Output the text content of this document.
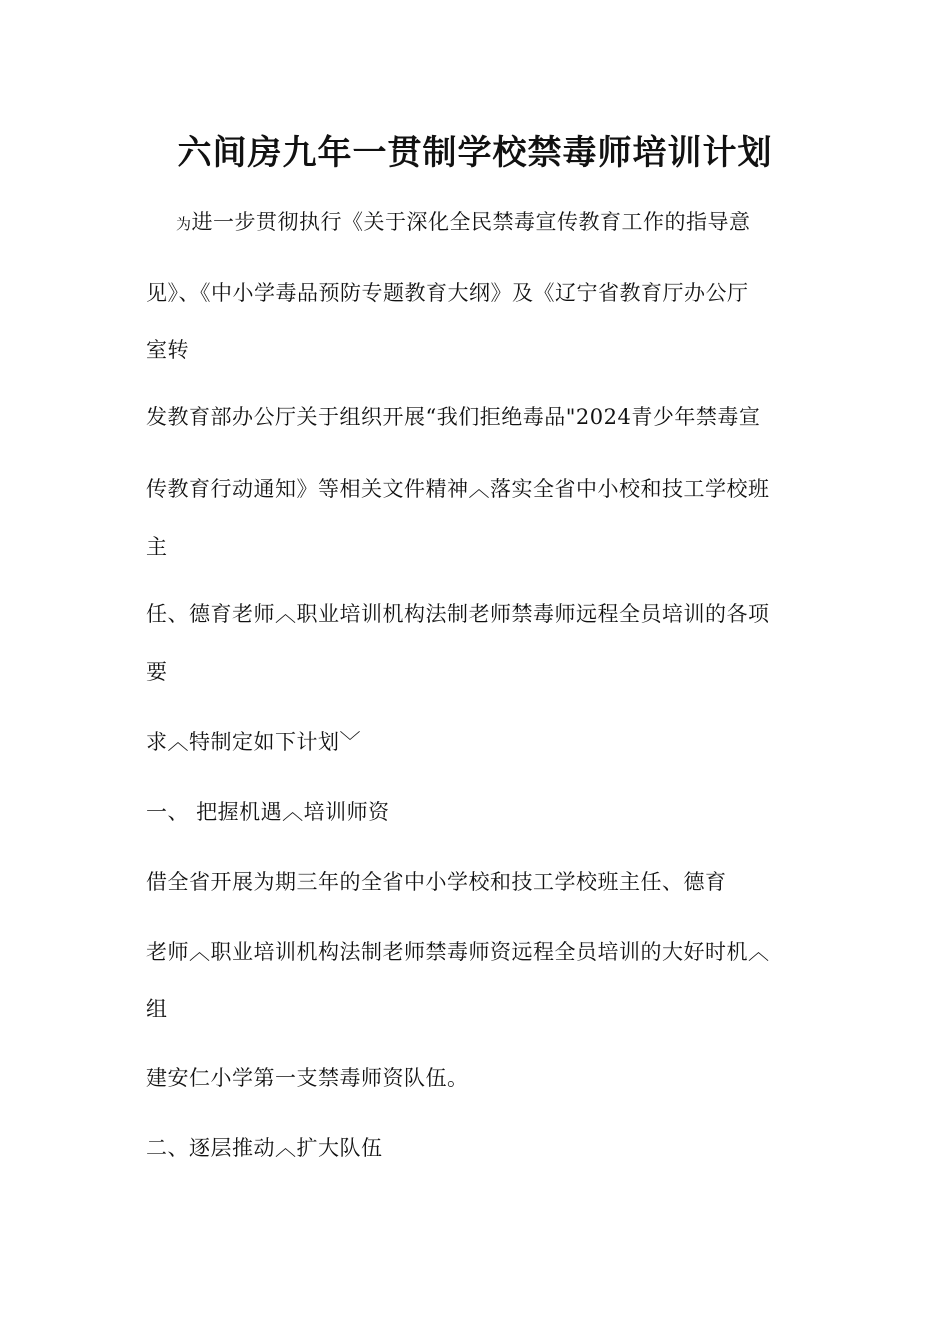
六间房九年一贯制学校禁毒师培训计划
为进一步贯彻执行《关于深化全民禁毒宣传教育工作的指导意
见》、《中小学毒品预防专题教育大纲》及《辽宁省教育厅办公厅
室转
发教育部办公厅关于组织开展“我们拒绝毒品"2024青少年禁毒宣
传教育行动通知》等相关文件精神︿落实全省中小校和技工学校班
主
任、德育老师︿职业培训机构法制老师禁毒师远程全员培训的各项
要
求︿特制定如下计划﹀
一、 把握机遇︿培训师资
借全省开展为期三年的全省中小学校和技工学校班主任、德育
老师︿职业培训机构法制老师禁毒师资远程全员培训的大好时机︿
组
建安仁小学第一支禁毒师资队伍。
二、逐层推动︿扩大队伍
